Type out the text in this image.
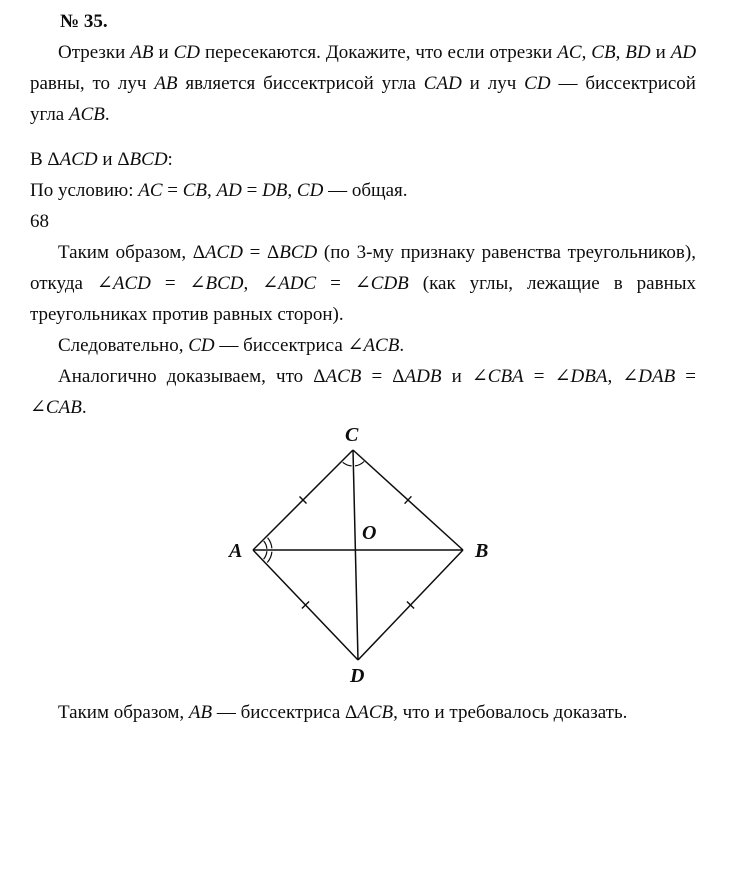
№ 35.

Отрезки AB и CD пересекаются. Докажите, что если отрезки AC, CB, BD и AD равны, то луч AB является биссектрисой угла CAD и луч CD — биссектрисой угла ACB.

В ΔACD и ΔBCD:

По условию: AC = CB, AD = DB, CD — общая.

68

Таким образом, ΔACD = ΔBCD (по 3-му признаку равенства треугольников), откуда ∠ACD = ∠BCD, ∠ADC = ∠CDB (как углы, лежащие в равных треугольниках против равных сторон).

Следовательно, CD — биссектриса ∠ACB.

Аналогично доказываем, что ΔACB = ΔADB и ∠CBA = ∠DBA, ∠DAB = ∠CAB.

C
A	B
D
O

Таким образом, AB — биссектриса ΔACB, что и требовалось доказать.
